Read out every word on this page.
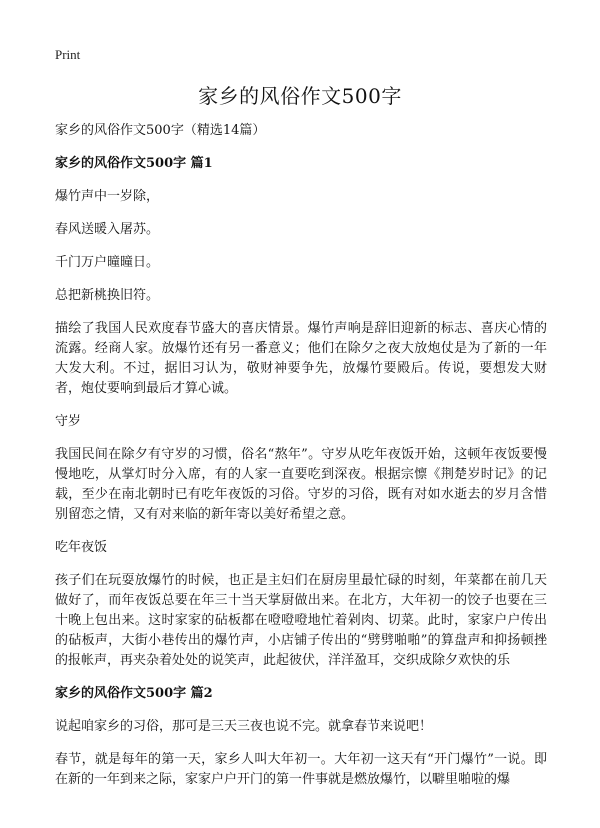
Print
家乡的风俗作文500字

家乡的风俗作文500字（精选14篇）

家乡的风俗作文500字 篇1

爆竹声中一岁除，

春风送暖入屠苏。

千门万户曈曈日。

总把新桃换旧符。

描绘了我国人民欢度春节盛大的喜庆情景。爆竹声响是辞旧迎新的标志、喜庆心情的流露。经商人家。放爆竹还有另一番意义；他们在除夕之夜大放炮仗是为了新的一年大发大利。不过，据旧习认为，敬财神要争先，放爆竹要殿后。传说，要想发大财者，炮仗要响到最后才算心诚。

守岁

我国民间在除夕有守岁的习惯，俗名“熬年”。守岁从吃年夜饭开始，这顿年夜饭要慢慢地吃，从掌灯时分入席，有的人家一直要吃到深夜。根据宗懔《荆楚岁时记》的记载，至少在南北朝时已有吃年夜饭的习俗。守岁的习俗，既有对如水逝去的岁月含惜别留恋之情，又有对来临的新年寄以美好希望之意。

吃年夜饭

孩子们在玩耍放爆竹的时候，也正是主妇们在厨房里最忙碌的时刻，年菜都在前几天做好了，而年夜饭总要在年三十当天掌厨做出来。在北方，大年初一的饺子也要在三十晚上包出来。这时家家的砧板都在噔噔噔地忙着剁肉、切菜。此时，家家户户传出的砧板声，大街小巷传出的爆竹声，小店铺子传出的“劈劈啪啪”的算盘声和抑扬顿挫的报帐声，再夹杂着处处的说笑声，此起彼伏，洋洋盈耳，交织成除夕欢快的乐

家乡的风俗作文500字 篇2

说起咱家乡的习俗，那可是三天三夜也说不完。就拿春节来说吧！

春节，就是每年的第一天，家乡人叫大年初一。大年初一这天有“开门爆竹”一说。即在新的一年到来之际，家家户户开门的第一件事就是燃放爆竹，以噼里啪啦的爆
